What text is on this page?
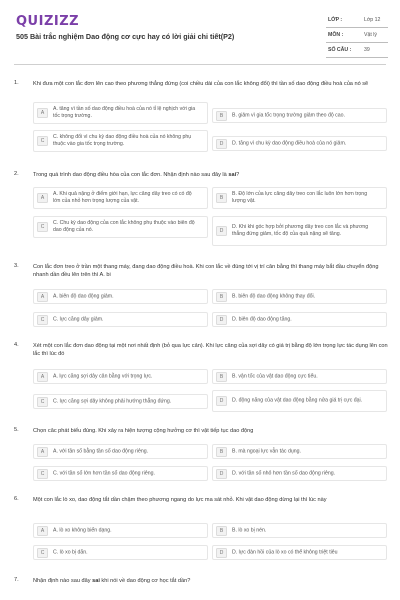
QUIZIZZ
505 Bài trắc nghiệm Dao động cơ cực hay có lời giải chi tiết(P2)
LỚP :	Lớp 12
MÔN :	Vật lý
SỐ CÂU : 39
1.	Khi đưa một con lắc đơn lên cao theo phương thẳng đứng (coi chiều dài của con lắc không đổi) thì tần số dao động điều hoà của nó sẽ
A
A. tăng vì tần số dao động điều hoà của nó tỉ lệ nghịch với gia tốc trọng trường.	B	B. giảm vì gia tốc trọng trường giảm theo độ cao.
C
C. không đổi vì chu kỳ dao động điều hoà của nó không phụ thuộc vào gia tốc trọng trường.	D	D. tăng vì chu kỳ dao động điều hoà của nó giảm.
2.	Trong quá trình dao động điều hòa của con lắc đơn. Nhận định nào sau đây là sai?
A
A. Khi quả nặng ở điểm giới hạn, lực căng dây treo có có độ lớn của nhỏ hơn trọng lượng của vật.	B
B. Độ lớn của lực căng dây treo con lắc luôn lớn hơn trọng lượng vật.
C
C. Chu kỳ dao động của con lắc không phụ thuộc vào biên độ dao động của nó.	D
D. Khi khi góc hợp bởi phương dây treo con lắc và phương thẳng đứng giảm, tốc độ của quả nặng sẽ tăng.
3.	Con lắc đơn treo ở trần một thang máy, đang dao động điều hoà. Khi con lắc về đúng tới vị trí cân bằng thì thang máy bắt đầu chuyển động nhanh dần đều lên trên thì A. bi
A	A. biên độ dao động giảm.	B	B. biên độ dao động không thay đổi.
C	C. lực căng dây giảm.	D	D. biên độ dao động tăng.
4.	Xét một con lắc đơn dao động tại một nơi nhất định (bỏ qua lực cản). Khi lực căng của sợi dây có giá trị bằng độ lớn trọng lực tác dụng lên con lắc thì lúc đó
A	A. lực căng sợi dây cân bằng với trọng lực.	B	B. vận tốc của vật dao động cực tiểu.
C	C. lực căng sợi dây không phải hướng thẳng đứng.	D	D. động năng của vật dao động bằng nửa giá trị cực đại.
5.	Chọn câc phát biểu đúng. Khi xảy ra hiện tượng cộng hưởng cơ thì vật tiếp tục dao động
A	A. với tần số bằng tần số dao động riêng.	B	B. mà ngoại lực vẫn tác dụng.
C	C. với tần số lớn hơn tần số dao động riêng.	D	D. với tần số nhỏ hơn tần số dao động riêng.
6.	Một con lắc lò xo, dao động tắt dần chậm theo phương ngang do lực ma sát nhỏ. Khi vật dao động dừng lại thì lúc này
A	A. lò xo không biến dạng.	B	B. lò xo bị nén.
C	C. lò xo bị dãn.	D	D. lực đàn hồi của lò xo có thể không triệt tiêu
7.	Nhận định nào sau đây sai khi nói về dao động cơ học tắt dần?
